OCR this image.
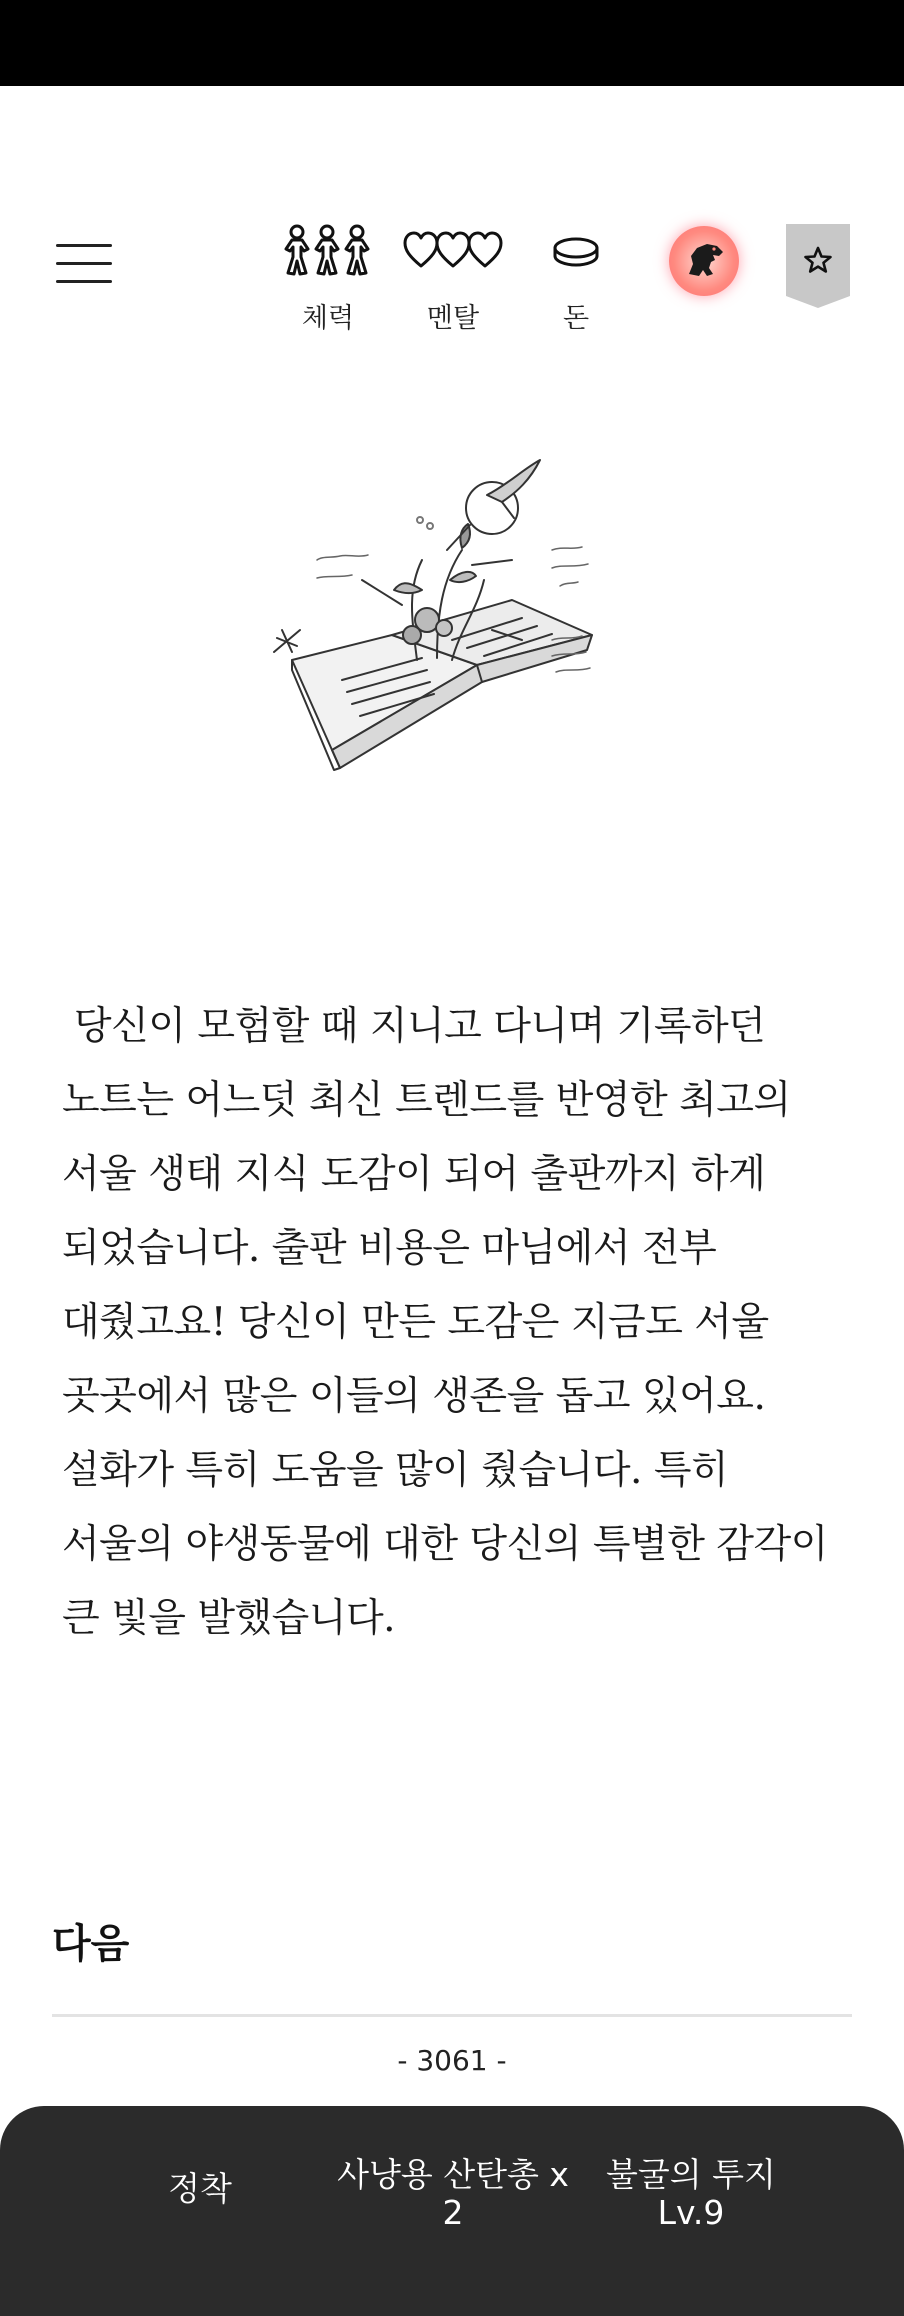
체력	멘탈	돈
당신이 모험할 때 지니고 다니며 기록하던
노트는 어느덧 최신 트렌드를 반영한 최고의
서울 생태 지식 도감이 되어 출판까지 하게
되었습니다. 출판 비용은 마님에서 전부
대줬고요! 당신이 만든 도감은 지금도 서울
곳곳에서 많은 이들의 생존을 돕고 있어요.
설화가 특히 도움을 많이 줬습니다. 특히
서울의 야생동물에 대한 당신의 특별한 감각이
큰 빛을 발했습니다.
다음
- 3061 -
정착	사냥용 산탄총 x
2
불굴의 투지
Lv.9
